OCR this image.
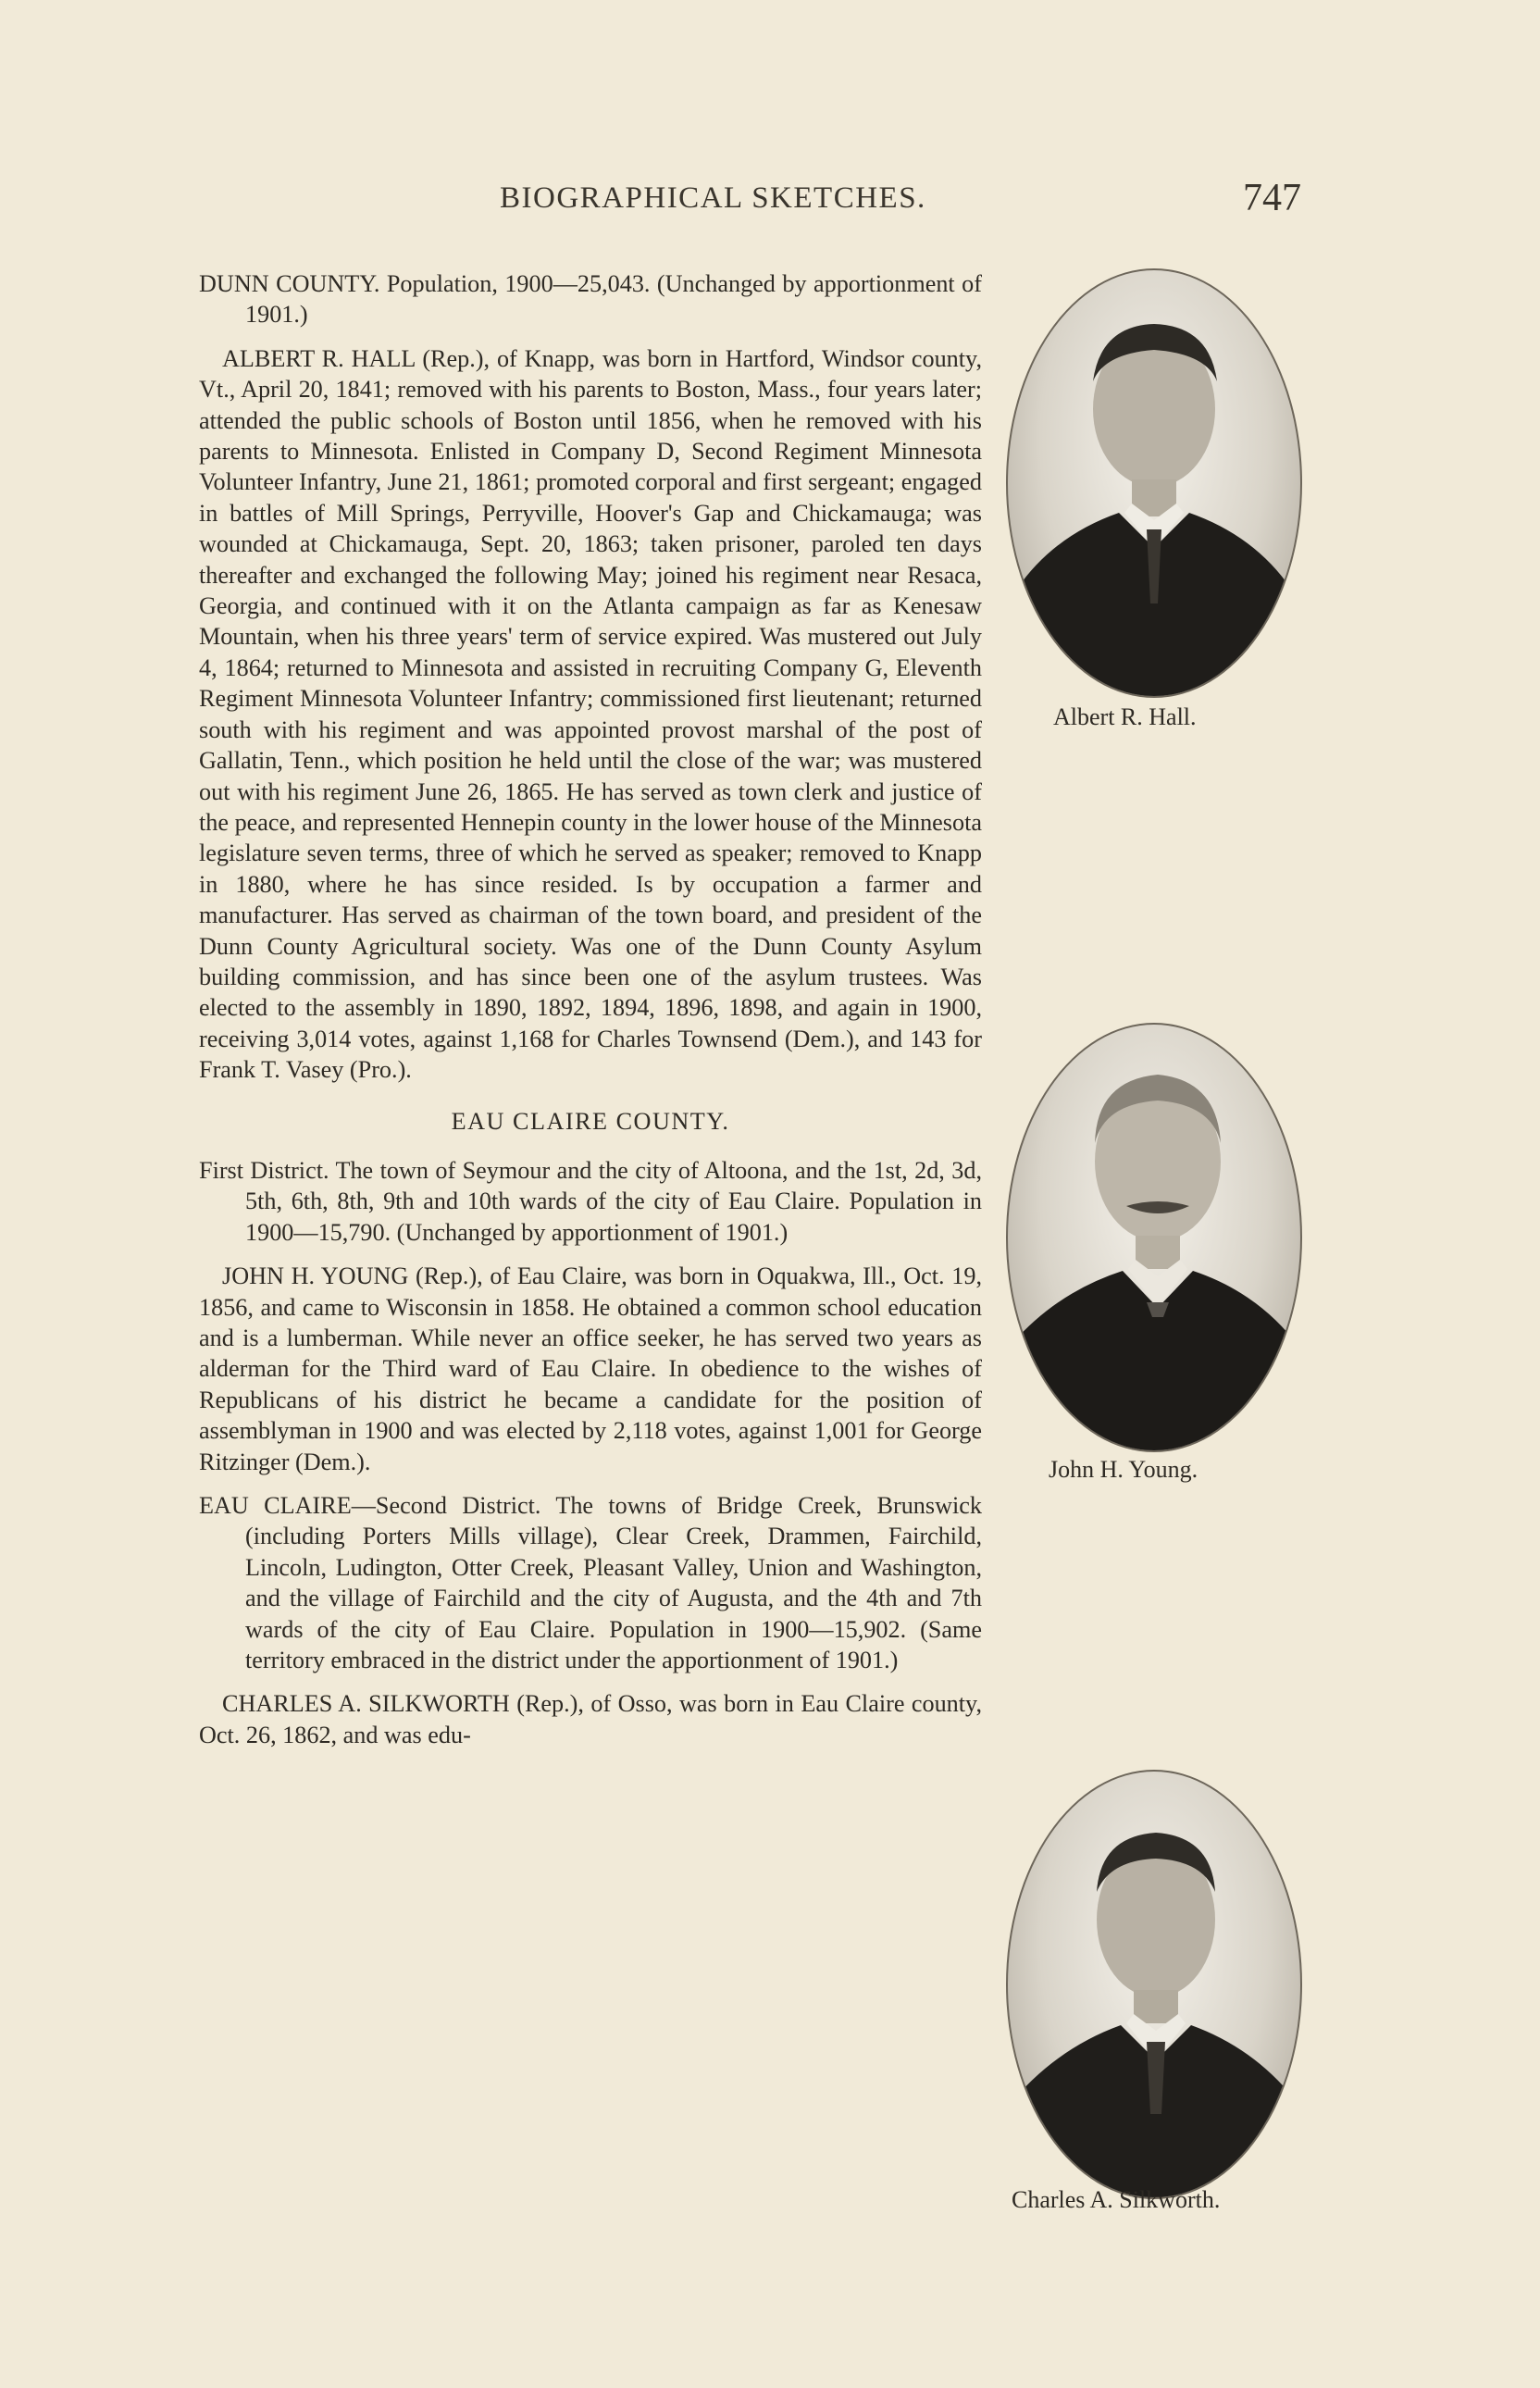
BIOGRAPHICAL SKETCHES.	747

DUNN COUNTY. Population, 1900—25,043. (Unchanged by apportionment of 1901.)

ALBERT R. HALL (Rep.), of Knapp, was born in Hartford, Windsor county, Vt., April 20, 1841; removed with his parents to Boston, Mass., four years later; attended the public schools of Boston until 1856, when he removed with his parents to Minnesota. Enlisted in Company D, Second Regiment Minnesota Volunteer Infantry, June 21, 1861; promoted corporal and first sergeant; engaged in battles of Mill Springs, Perryville, Hoover's Gap and Chickamauga; was wounded at Chickamauga, Sept. 20, 1863; taken prisoner, paroled ten days thereafter and exchanged the following May; joined his regiment near Resaca, Georgia, and continued with it on the Atlanta campaign as far as Kenesaw Mountain, when his three years' term of service expired. Was mustered out July 4, 1864; returned to Minnesota and assisted in recruiting Company G, Eleventh Regiment Minnesota Volunteer Infantry; commissioned first lieutenant; returned south with his regiment and was appointed provost marshal of the post of Gallatin, Tenn., which position he held until the close of the war; was mustered out with his regiment June 26, 1865. He has served as town clerk and justice of the peace, and represented Hennepin county in the lower house of the Minnesota legislature seven terms, three of which he served as speaker; removed to Knapp in 1880, where he has since resided. Is by occupation a farmer and manufacturer. Has served as chairman of the town board, and president of the Dunn County Agricultural society. Was one of the Dunn County Asylum building commission, and has since been one of the asylum trustees. Was elected to the assembly in 1890, 1892, 1894, 1896, 1898, and again in 1900, receiving 3,014 votes, against 1,168 for Charles Townsend (Dem.), and 143 for Frank T. Vasey (Pro.).

EAU CLAIRE COUNTY.

First District. The town of Seymour and the city of Altoona, and the 1st, 2d, 3d, 5th, 6th, 8th, 9th and 10th wards of the city of Eau Claire. Population in 1900—15,790. (Unchanged by apportionment of 1901.)

JOHN H. YOUNG (Rep.), of Eau Claire, was born in Oquakwa, Ill., Oct. 19, 1856, and came to Wisconsin in 1858. He obtained a common school education and is a lumberman. While never an office seeker, he has served two years as alderman for the Third ward of Eau Claire. In obedience to the wishes of Republicans of his district he became a candidate for the position of assemblyman in 1900 and was elected by 2,118 votes, against 1,001 for George Ritzinger (Dem.).

EAU CLAIRE—Second District. The towns of Bridge Creek, Brunswick (including Porters Mills village), Clear Creek, Drammen, Fairchild, Lincoln, Ludington, Otter Creek, Pleasant Valley, Union and Washington, and the village of Fairchild and the city of Augusta, and the 4th and 7th wards of the city of Eau Claire. Population in 1900—15,902. (Same territory embraced in the district under the apportionment of 1901.)

CHARLES A. SILKWORTH (Rep.), of Osso, was born in Eau Claire county, Oct. 26, 1862, and was edu-

Albert R. Hall.
John H. Young.
Charles A. Silkworth.
